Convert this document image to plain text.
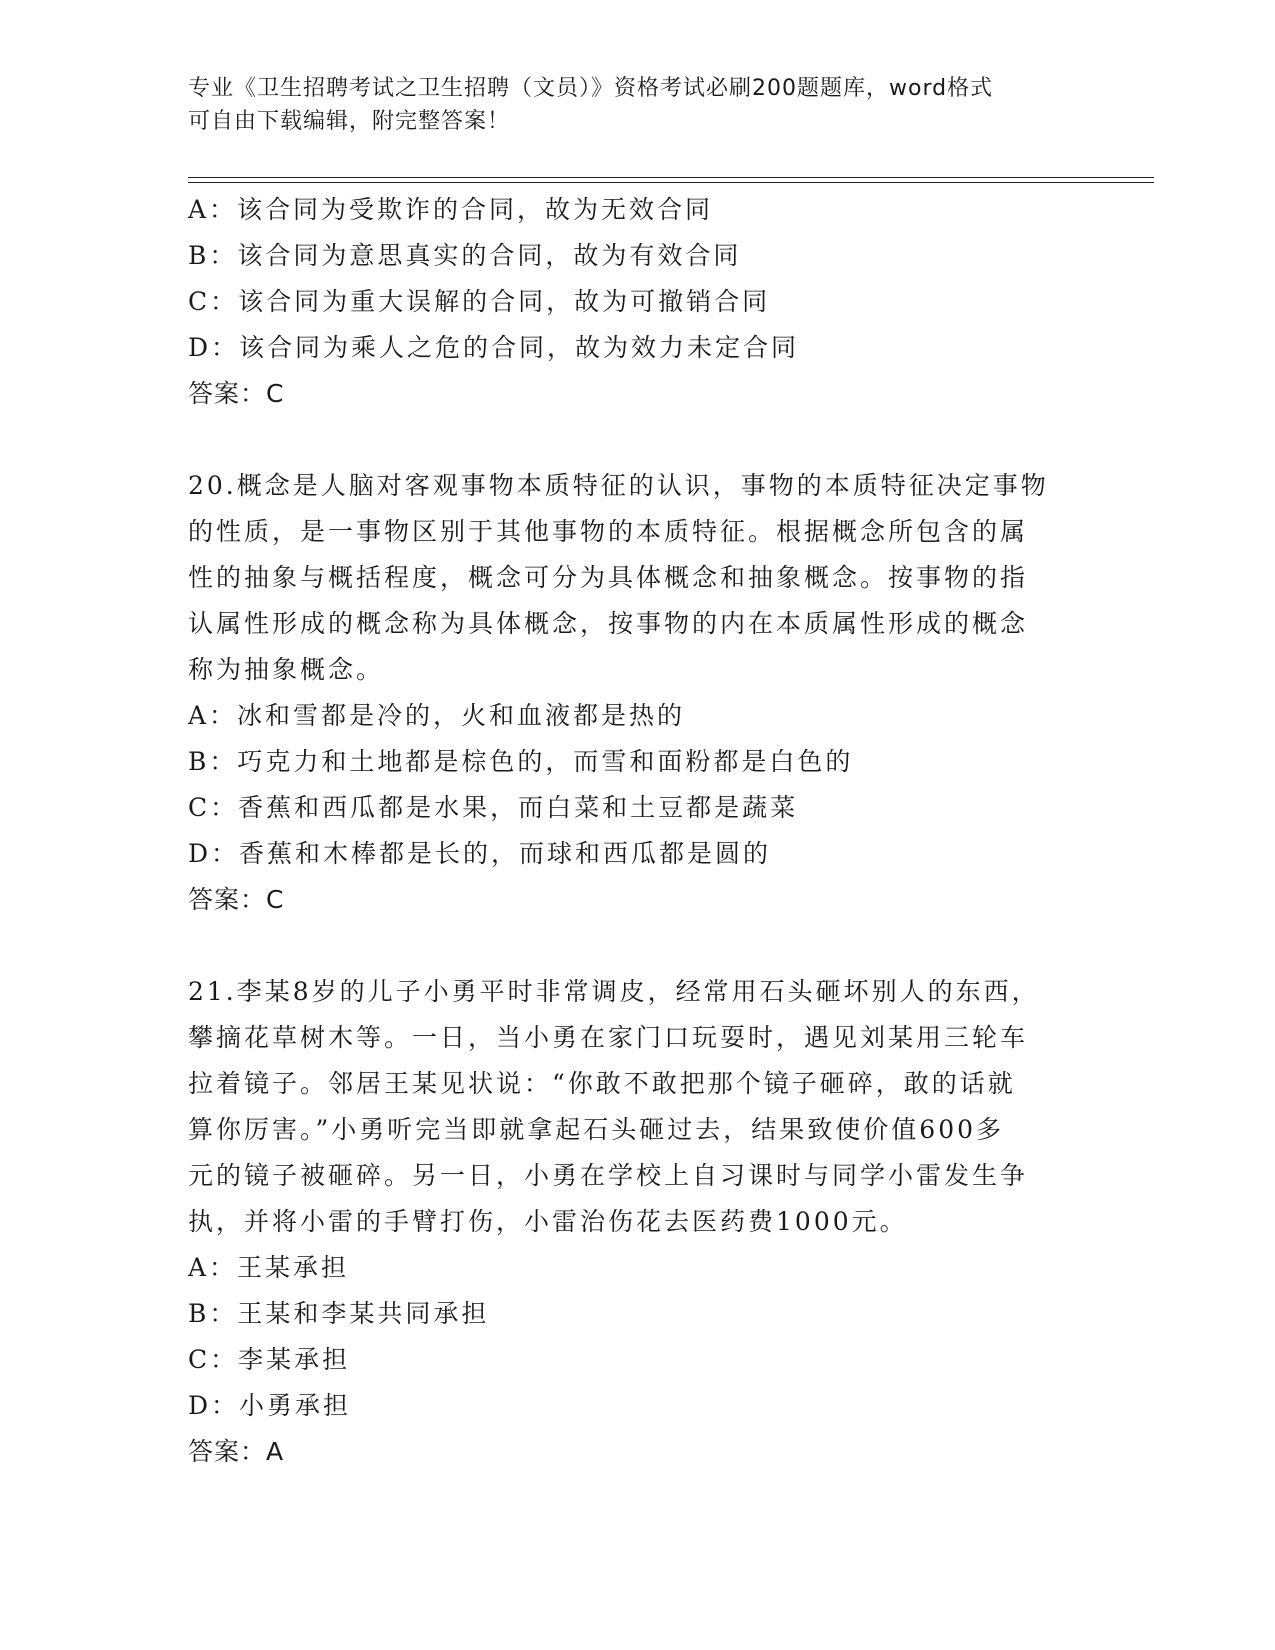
专业《卫生招聘考试之卫生招聘（文员）》资格考试必刷200题题库，word格式
可自由下载编辑，附完整答案！
A：该合同为受欺诈的合同，故为无效合同
B：该合同为意思真实的合同，故为有效合同
C：该合同为重大误解的合同，故为可撤销合同
D：该合同为乘人之危的合同，故为效力未定合同
答案：C
20.概念是人脑对客观事物本质特征的认识，事物的本质特征决定事物
的性质，是一事物区别于其他事物的本质特征。根据概念所包含的属
性的抽象与概括程度，概念可分为具体概念和抽象概念。按事物的指
认属性形成的概念称为具体概念，按事物的内在本质属性形成的概念
称为抽象概念。
A：冰和雪都是冷的，火和血液都是热的
B：巧克力和土地都是棕色的，而雪和面粉都是白色的
C：香蕉和西瓜都是水果，而白菜和土豆都是蔬菜
D：香蕉和木棒都是长的，而球和西瓜都是圆的
答案：C
21.李某8岁的儿子小勇平时非常调皮，经常用石头砸坏别人的东西，
攀摘花草树木等。一日，当小勇在家门口玩耍时，遇见刘某用三轮车
拉着镜子。邻居王某见状说：“你敢不敢把那个镜子砸碎，敢的话就
算你厉害。”小勇听完当即就拿起石头砸过去，结果致使价值600多
元的镜子被砸碎。另一日，小勇在学校上自习课时与同学小雷发生争
执，并将小雷的手臂打伤，小雷治伤花去医药费1000元。
A：王某承担
B：王某和李某共同承担
C：李某承担
D：小勇承担
答案：A
